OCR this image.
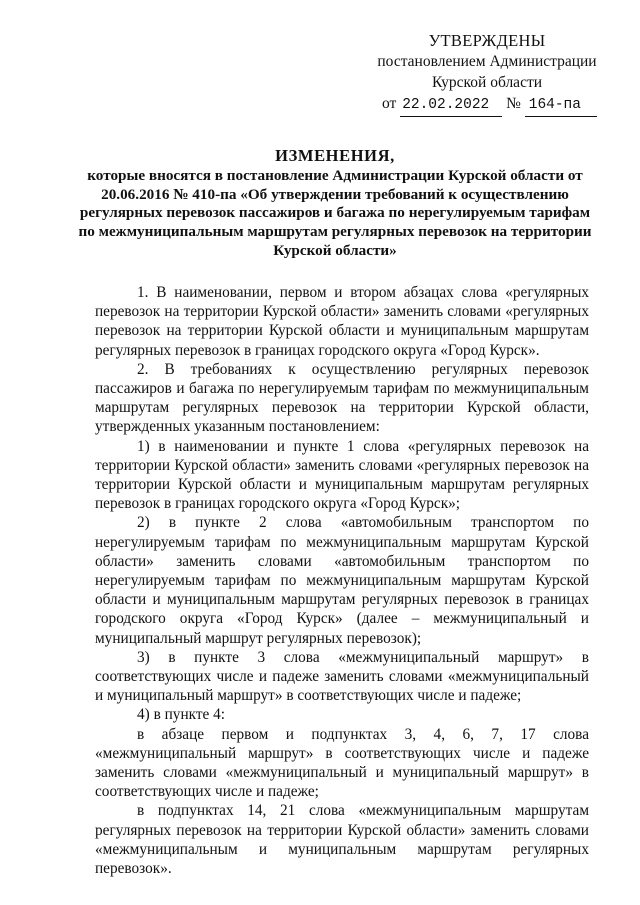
УТВЕРЖДЕНЫ
постановлением Администрации
Курской области
от 22.02.2022 № 164-па
ИЗМЕНЕНИЯ,
которые вносятся в постановление Администрации Курской области от 20.06.2016 № 410-па «Об утверждении требований к осуществлению регулярных перевозок пассажиров и багажа по нерегулируемым тарифам по межмуниципальным маршрутам регулярных перевозок на территории Курской области»

1. В наименовании, первом и втором абзацах слова «регулярных перевозок на территории Курской области» заменить словами «регулярных перевозок на территории Курской области и муниципальным маршрутам регулярных перевозок в границах городского округа «Город Курск».

2. В требованиях к осуществлению регулярных перевозок пассажиров и багажа по нерегулируемым тарифам по межмуниципальным маршрутам регулярных перевозок на территории Курской области, утвержденных указанным постановлением:

1) в наименовании и пункте 1 слова «регулярных перевозок на территории Курской области» заменить словами «регулярных перевозок на территории Курской области и муниципальным маршрутам регулярных перевозок в границах городского округа «Город Курск»;

2) в пункте 2 слова «автомобильным транспортом по нерегулируемым тарифам по межмуниципальным маршрутам Курской области» заменить словами «автомобильным транспортом по нерегулируемым тарифам по межмуниципальным маршрутам Курской области и муниципальным маршрутам регулярных перевозок в границах городского округа «Город Курск» (далее – межмуниципальный и муниципальный маршрут регулярных перевозок);

3) в пункте 3 слова «межмуниципальный маршрут» в соответствующих числе и падеже заменить словами «межмуниципальный и муниципальный маршрут» в соответствующих числе и падеже;

4) в пункте 4:

в абзаце первом и подпунктах 3, 4, 6, 7, 17 слова «межмуниципальный маршрут» в соответствующих числе и падеже заменить словами «межмуниципальный и муниципальный маршрут» в соответствующих числе и падеже;

в подпунктах 14, 21 слова «межмуниципальным маршрутам регулярных перевозок на территории Курской области» заменить словами «межмуниципальным и муниципальным маршрутам регулярных перевозок».
